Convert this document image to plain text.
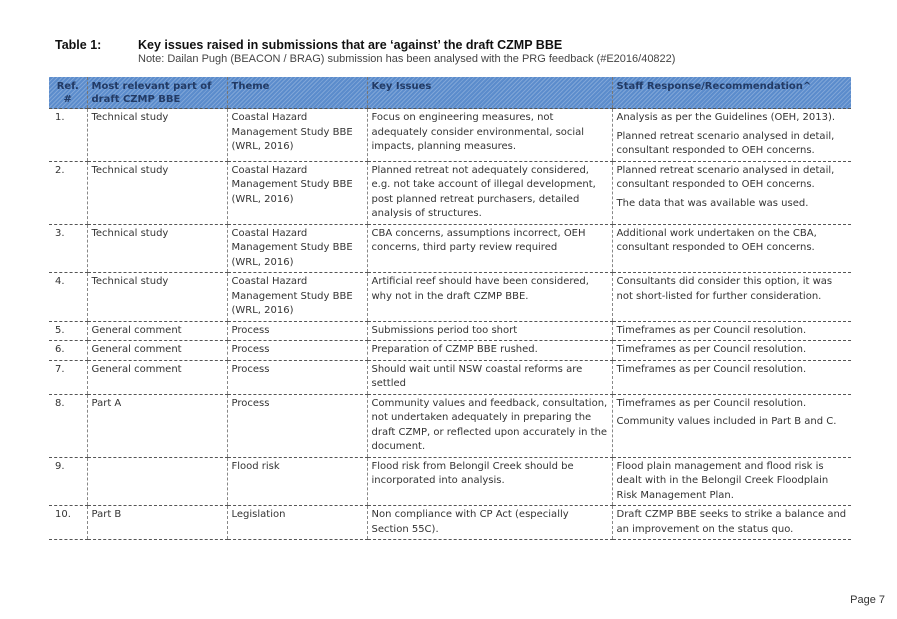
Table 1:	Key issues raised in submissions that are ‘against’ the draft CZMP BBE
Note: Dailan Pugh (BEACON / BRAG) submission has been analysed with the PRG feedback (#E2016/40822)
Ref. #	Most relevant part of draft CZMP BBE	Theme	Key Issues	Staff Response/Recommendation^
1.	Technical study	Coastal Hazard Management Study BBE (WRL, 2016)	Focus on engineering measures, not adequately consider environmental, social impacts, planning measures.	Analysis as per the Guidelines (OEH, 2013).

Planned retreat scenario analysed in detail, consultant responded to OEH concerns.

2.	Technical study	Coastal Hazard Management Study BBE (WRL, 2016)	Planned retreat not adequately considered, e.g. not take account of illegal development, post planned retreat purchasers, detailed analysis of structures.	Planned retreat scenario analysed in detail, consultant responded to OEH concerns.

The data that was available was used.

3.	Technical study	Coastal Hazard Management Study BBE (WRL, 2016)	CBA concerns, assumptions incorrect, OEH concerns, third party review required	Additional work undertaken on the CBA, consultant responded to OEH concerns.

4.	Technical study	Coastal Hazard Management Study BBE (WRL, 2016)	Artificial reef should have been considered, why not in the draft CZMP BBE.	Consultants did consider this option, it was not short-listed for further consideration.

5.	General comment	Process	Submissions period too short	Timeframes as per Council resolution.

6.	General comment	Process	Preparation of CZMP BBE rushed.	Timeframes as per Council resolution.

7.	General comment	Process	Should wait until NSW coastal reforms are settled	Timeframes as per Council resolution.

8.	Part A	Process	Community values and feedback, consultation, not undertaken adequately in preparing the draft CZMP, or reflected upon accurately in the document.	Timeframes as per Council resolution.

Community values included in Part B and C.

9.		Flood risk	Flood risk from Belongil Creek should be incorporated into analysis.	Flood plain management and flood risk is dealt with in the Belongil Creek Floodplain Risk Management Plan.

10.	Part B	Legislation	Non compliance with CP Act (especially Section 55C).	Draft CZMP BBE seeks to strike a balance and an improvement on the status quo.

Page 7
